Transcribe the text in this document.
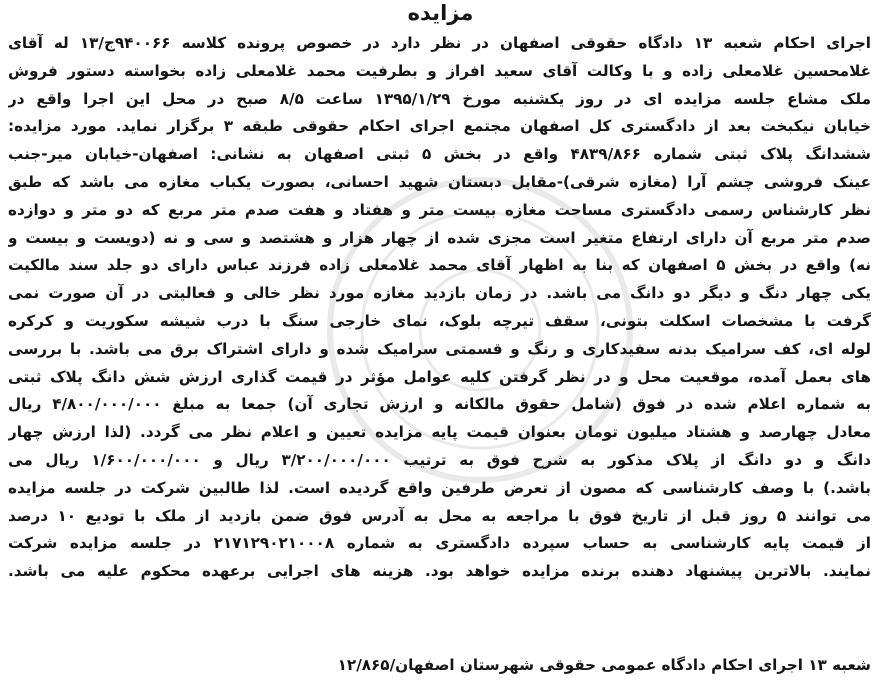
مزایده
اجرای احکام شعبه ۱۳ دادگاه حقوقی اصفهان در نظر دارد در خصوص پرونده کلاسه ۹۴۰۰۶۶ج/۱۳ له آقای
غلامحسین غلامعلی زاده و با وکالت آقای سعید افراز و بطرفیت محمد غلامعلی زاده بخواسته دستور فروش
ملک مشاع جلسه مزایده ای در روز یکشنبه مورخ ۱۳۹۵/۱/۲۹ ساعت ۸/۵ صبح در محل این اجرا واقع در
خیابان نیکبخت بعد از دادگستری کل اصفهان مجتمع اجرای احکام حقوقی طبقه ۳ برگزار نماید. مورد مزایده:
ششدانگ پلاک ثبتی شماره ۴۸۳۹/۸۶۶ واقع در بخش ۵ ثبتی اصفهان به نشانی: اصفهان-خیابان میر-جنب
عینک فروشی چشم آرا (مغازه شرقی)-مقابل دبستان شهید احسانی، بصورت یکباب مغازه می باشد که طبق
نظر کارشناس رسمی دادگستری مساحت مغازه بیست متر و هفتاد و هفت صدم متر مربع که دو متر و دوازده
صدم متر مربع آن دارای ارتفاع متغیر است مجزی شده از چهار هزار و هشتصد و سی و نه (دویست و بیست و
نه) واقع در بخش ۵ اصفهان که بنا به اظهار آقای محمد غلامعلی زاده فرزند عباس دارای دو جلد سند مالکیت
یکی چهار دنگ و دیگر دو دانگ می باشد. در زمان بازدید مغازه مورد نظر خالی و فعالیتی در آن صورت نمی
گرفت با مشخصات اسکلت بتونی، سقف تیرچه بلوک، نمای خارجی سنگ با درب شیشه سکوریت و کرکره
لوله ای، کف سرامیک بدنه سفیدکاری و رنگ و قسمتی سرامیک شده و دارای اشتراک برق می باشد. با بررسی
های بعمل آمده، موقعیت محل و در نظر گرفتن کلیه عوامل مؤثر در قیمت گذاری ارزش شش دانگ پلاک ثبتی
به شماره اعلام شده در فوق (شامل حقوق مالکانه و ارزش تجاری آن) جمعا به مبلغ ۴/۸۰۰/۰۰۰/۰۰۰ ریال
معادل چهارصد و هشتاد میلیون تومان بعنوان قیمت پایه مزایده تعیین و اعلام نظر می گردد. (لذا ارزش چهار
دانگ و دو دانگ از پلاک مذکور به شرح فوق به ترتیب ۳/۲۰۰/۰۰۰/۰۰۰ ریال و ۱/۶۰۰/۰۰۰/۰۰۰ ریال می
باشد.) با وصف کارشناسی که مصون از تعرض طرفین واقع گردیده است. لذا طالبین شرکت در جلسه مزایده
می توانند ۵ روز قبل از تاریخ فوق با مراجعه به محل به آدرس فوق ضمن بازدید از ملک با تودیع ۱۰ درصد
از قیمت پایه کارشناسی به حساب سپرده دادگستری به شماره ۲۱۷۱۲۹۰۲۱۰۰۰۸ در جلسه مزایده شرکت
نمایند. بالاترین پیشنهاد دهنده برنده مزایده خواهد بود. هزینه های اجرایی برعهده محکوم علیه می باشد.
شعبه ۱۳ اجرای احکام دادگاه عمومی حقوقی شهرستان اصفهان/۱۲/۸۶۵
